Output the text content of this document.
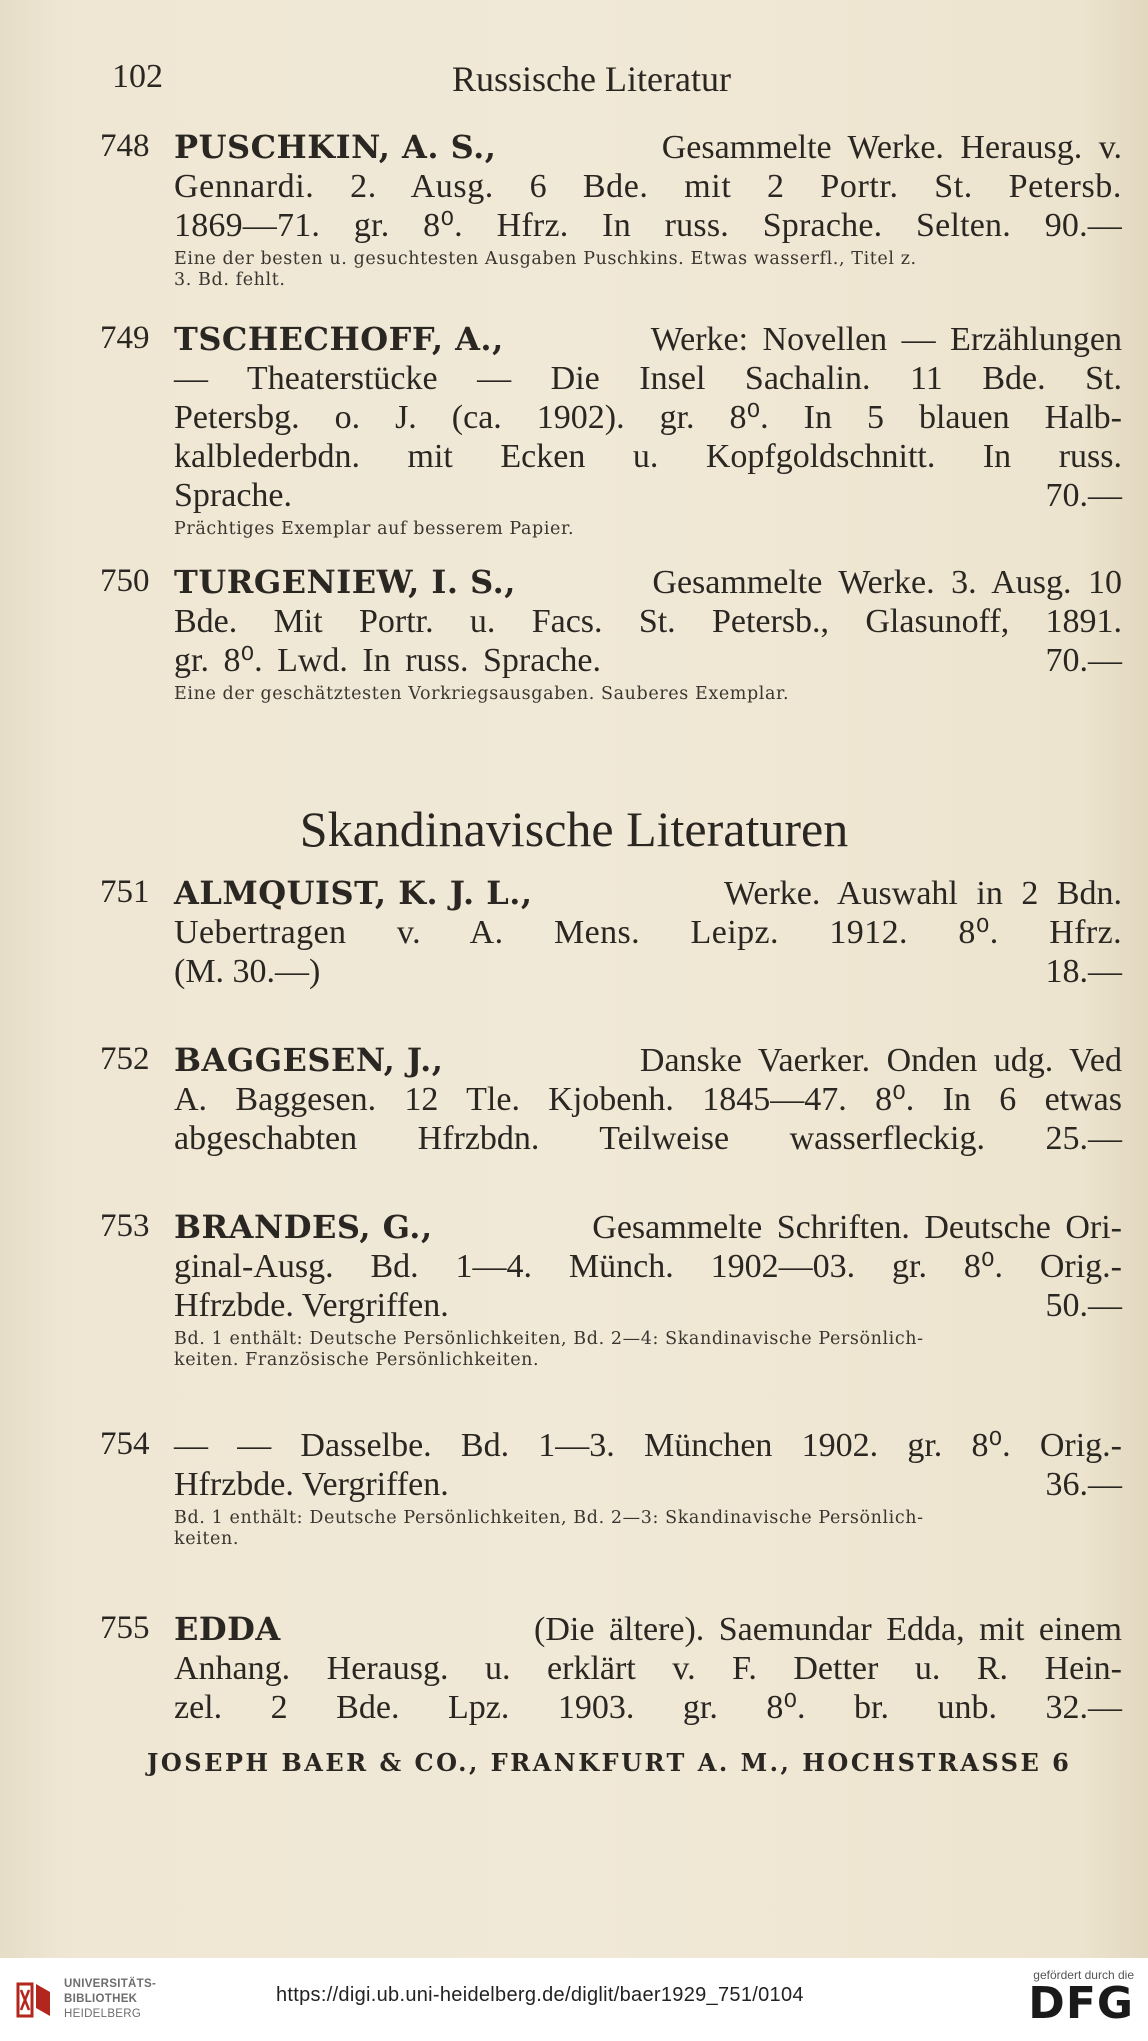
102	Russische Literatur
748 PUSCHKIN, A. S.,	Gesammelte Werke. Herausg. v.
Gennardi. 2. Ausg. 6 Bde. mit 2 Portr. St. Petersb.
1869—71. gr. 8⁰. Hfrz. In russ. Sprache. Selten. 90.—
Eine der besten u. gesuchtesten Ausgaben Puschkins. Etwas wasserfl., Titel z.
3. Bd. fehlt.
749 TSCHECHOFF, A.,	Werke: Novellen — Erzählungen
— Theaterstücke — Die Insel Sachalin. 11 Bde. St.
Petersbg. o. J. (ca. 1902). gr. 8⁰. In 5 blauen Halb-
kalblederbdn. mit Ecken u. Kopfgoldschnitt. In russ.
Sprache.	70.—
Prächtiges Exemplar auf besserem Papier.
750 TURGENIEW, I. S.,	Gesammelte Werke. 3. Ausg. 10
Bde. Mit Portr. u. Facs. St. Petersb., Glasunoff, 1891.
gr. 8⁰. Lwd. In russ. Sprache.	70.—
Eine der geschätztesten Vorkriegsausgaben. Sauberes Exemplar.
Skandinavische Literaturen
751 ALMQUIST, K. J. L.,	Werke. Auswahl in 2 Bdn.
Uebertragen v. A. Mens. Leipz. 1912. 8⁰. Hfrz.
(M. 30.—)	18.—
752 BAGGESEN, J.,	Danske Vaerker. Onden udg. Ved
A. Baggesen. 12 Tle. Kjobenh. 1845—47. 8⁰. In 6 etwas
abgeschabten Hfrzbdn. Teilweise wasserfleckig. 25.—
753 BRANDES, G.,	Gesammelte Schriften. Deutsche Ori-
ginal-Ausg. Bd. 1—4. Münch. 1902—03. gr. 8⁰. Orig.-
Hfrzbde. Vergriffen.	50.—
Bd. 1 enthält: Deutsche Persönlichkeiten, Bd. 2—4: Skandinavische Persönlich-
keiten. Französische Persönlichkeiten.
754 — — Dasselbe. Bd. 1—3. München 1902. gr. 8⁰. Orig.-
Hfrzbde. Vergriffen.	36.—
Bd. 1 enthält: Deutsche Persönlichkeiten, Bd. 2—3: Skandinavische Persönlich-
keiten.
755 EDDA	(Die ältere). Saemundar Edda, mit einem
Anhang. Herausg. u. erklärt v. F. Detter u. R. Hein-
zel. 2 Bde. Lpz. 1903. gr. 8⁰. br. unb. 32.—
JOSEPH BAER & CO., FRANKFURT A. M., HOCHSTRASSE 6
UNIVERSITÄTS-
BIBLIOTHEK
HEIDELBERG
https://digi.ub.uni-heidelberg.de/diglit/baer1929_751/0104
gefördert durch die
DFG
